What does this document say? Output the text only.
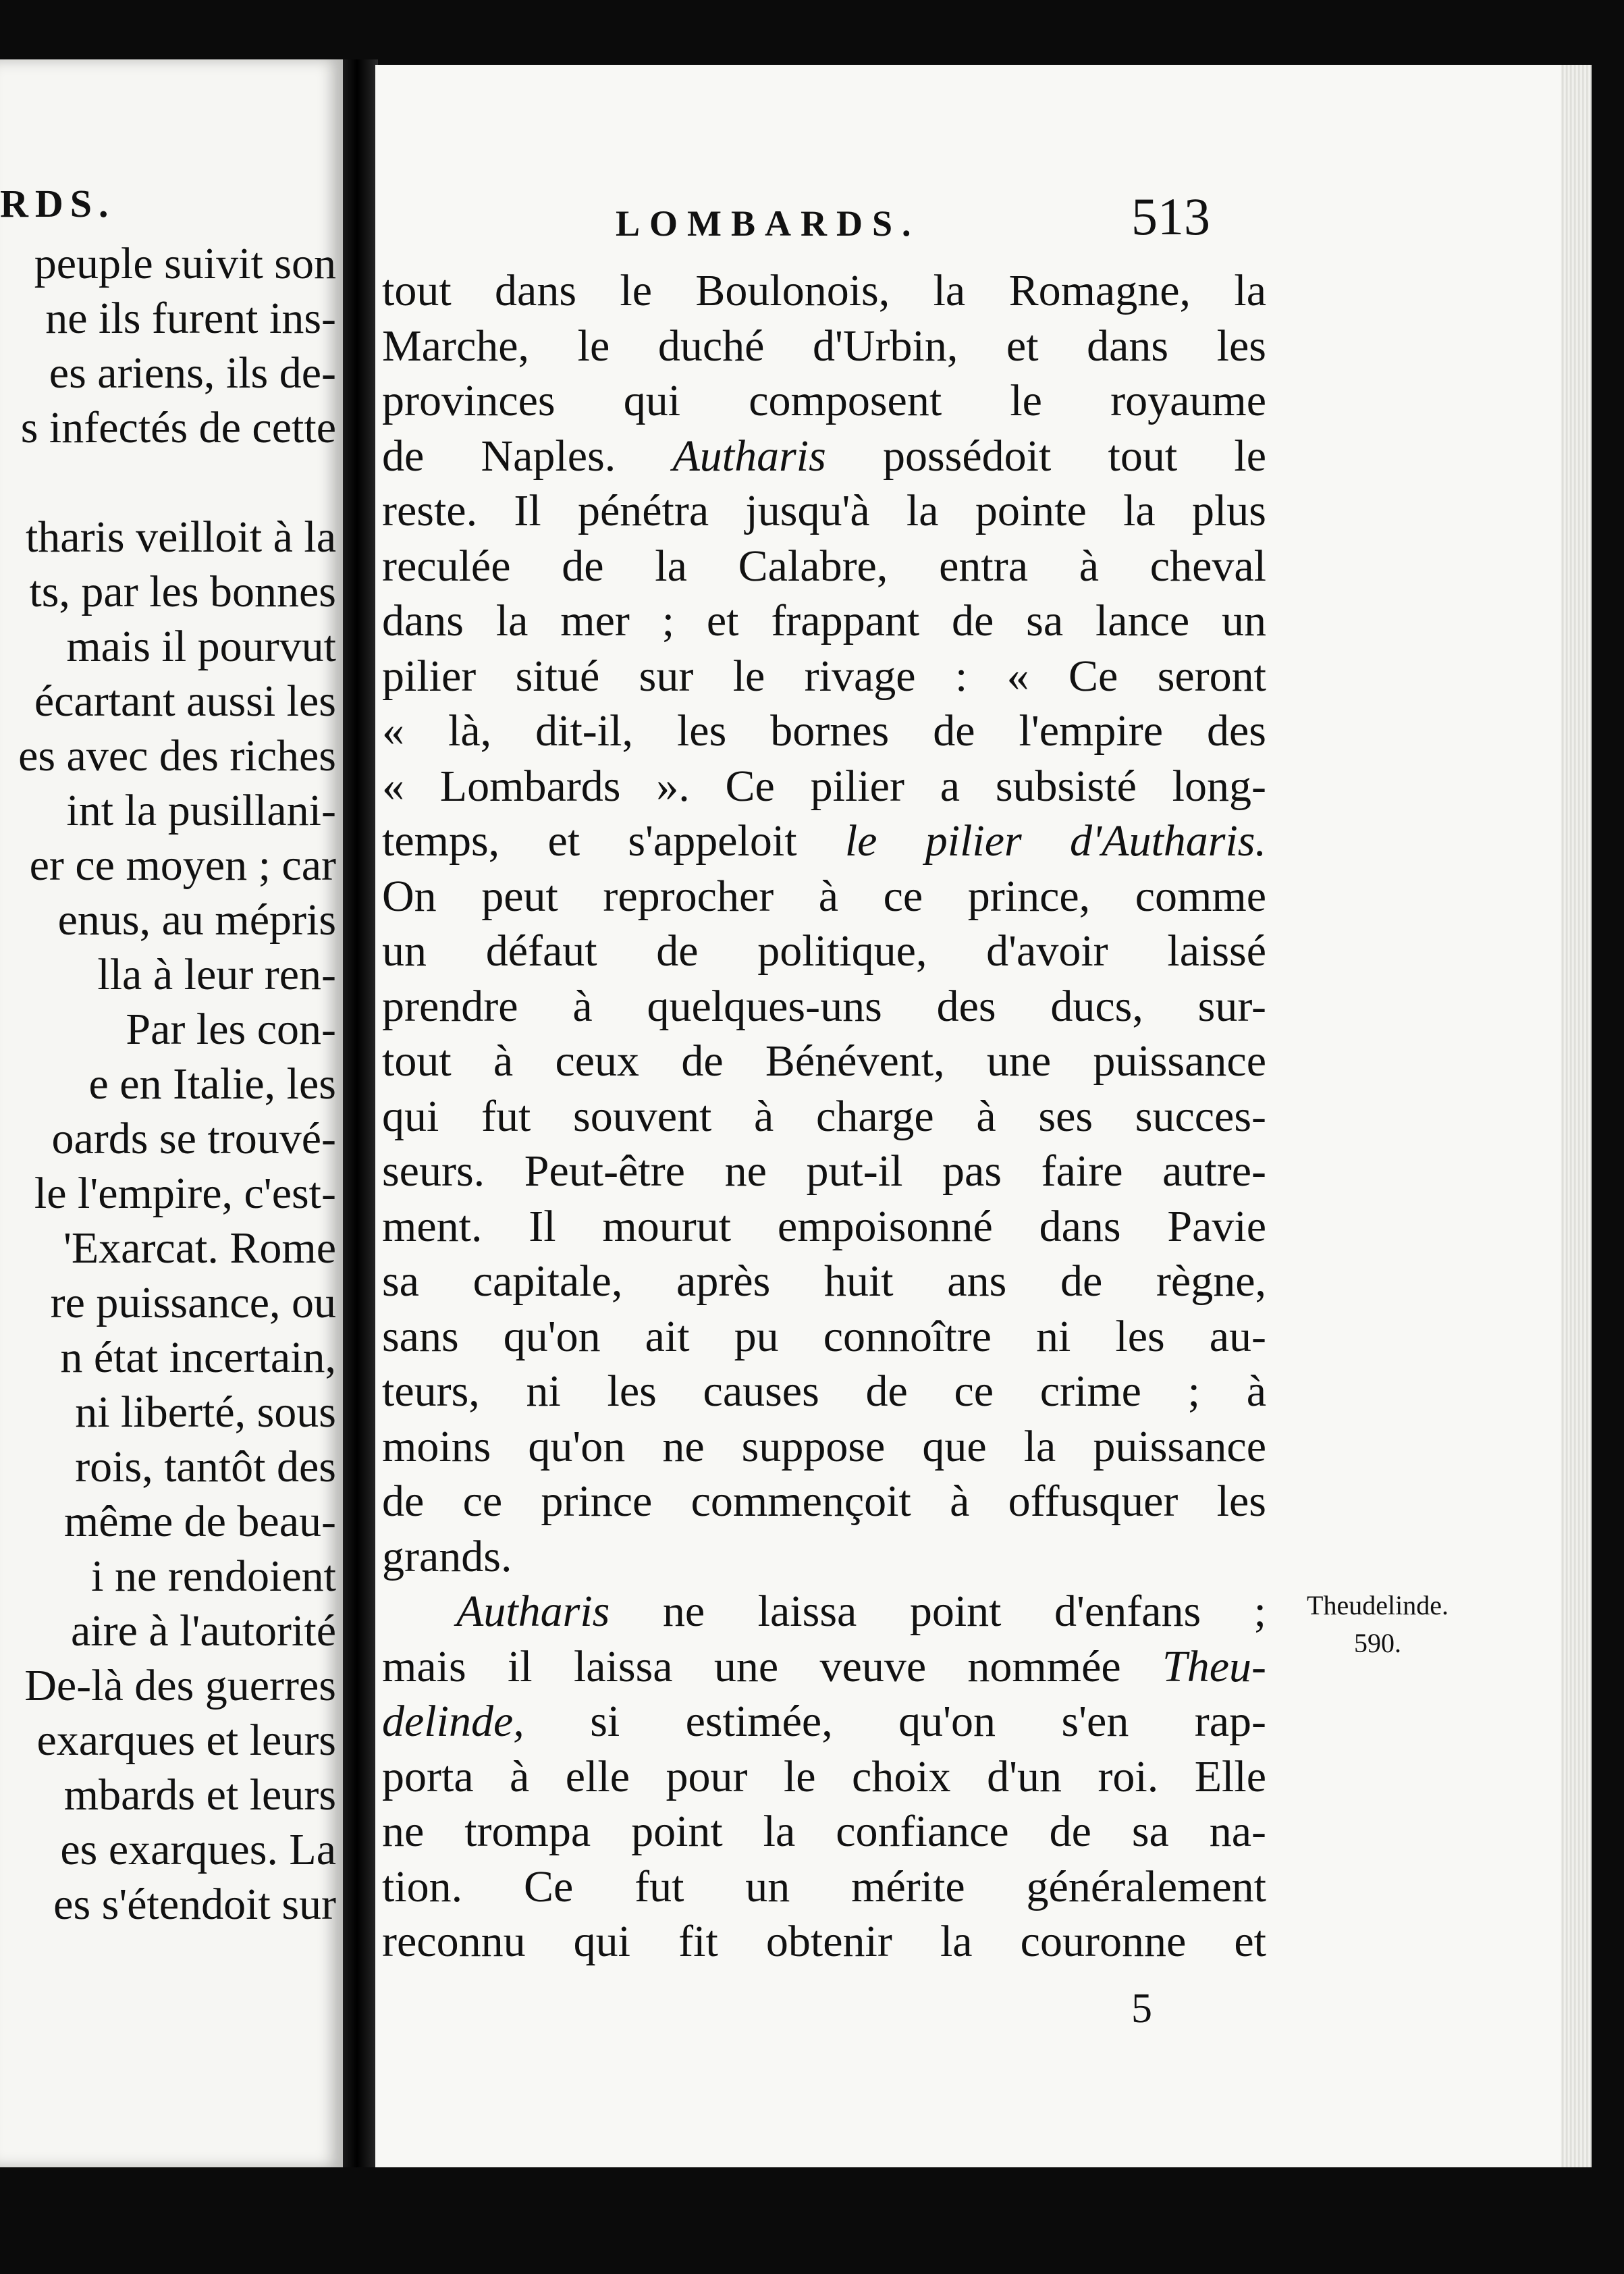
RDS.
peuple suivit son
ne ils furent ins-
es ariens, ils de-
s infectés de cette

tharis veilloit à la
ts, par les bonnes
mais il pourvut
écartant aussi les
es avec des riches
int la pusillani-
er ce moyen ; car
enus, au mépris
lla à leur ren-
Par les con-
e en Italie, les
oards se trouvé-
le l'empire, c'est-
'Exarcat. Rome
re puissance, ou
n état incertain,
ni liberté, sous
rois, tantôt des
même de beau-
i ne rendoient
aire à l'autorité
De-là des guerres
exarques et leurs
mbards et leurs
es exarques. La
es s'étendoit sur
LOMBARDS.	513
tout dans le Boulonois, la Romagne, la
Marche, le duché d'Urbin, et dans les
provinces qui composent le royaume
de Naples. Autharis possédoit tout le
reste. Il pénétra jusqu'à la pointe la plus
reculée de la Calabre, entra à cheval
dans la mer ; et frappant de sa lance un
pilier situé sur le rivage : « Ce seront
« là, dit-il, les bornes de l'empire des
« Lombards ». Ce pilier a subsisté long-
temps, et s'appeloit le pilier d'Autharis.
On peut reprocher à ce prince, comme
un défaut de politique, d'avoir laissé
prendre à quelques-uns des ducs, sur-
tout à ceux de Bénévent, une puissance
qui fut souvent à charge à ses succes-
seurs. Peut-être ne put-il pas faire autre-
ment. Il mourut empoisonné dans Pavie
sa capitale, après huit ans de règne,
sans qu'on ait pu connoître ni les au-
teurs, ni les causes de ce crime ; à
moins qu'on ne suppose que la puissance
de ce prince commençoit à offusquer les
grands.
Autharis ne laissa point d'enfans ;
mais il laissa une veuve nommée Theu-
delinde, si estimée, qu'on s'en rap-
porta à elle pour le choix d'un roi. Elle
ne trompa point la confiance de sa na-
tion. Ce fut un mérite généralement
reconnu qui fit obtenir la couronne et
5
Theudelinde.
590.
